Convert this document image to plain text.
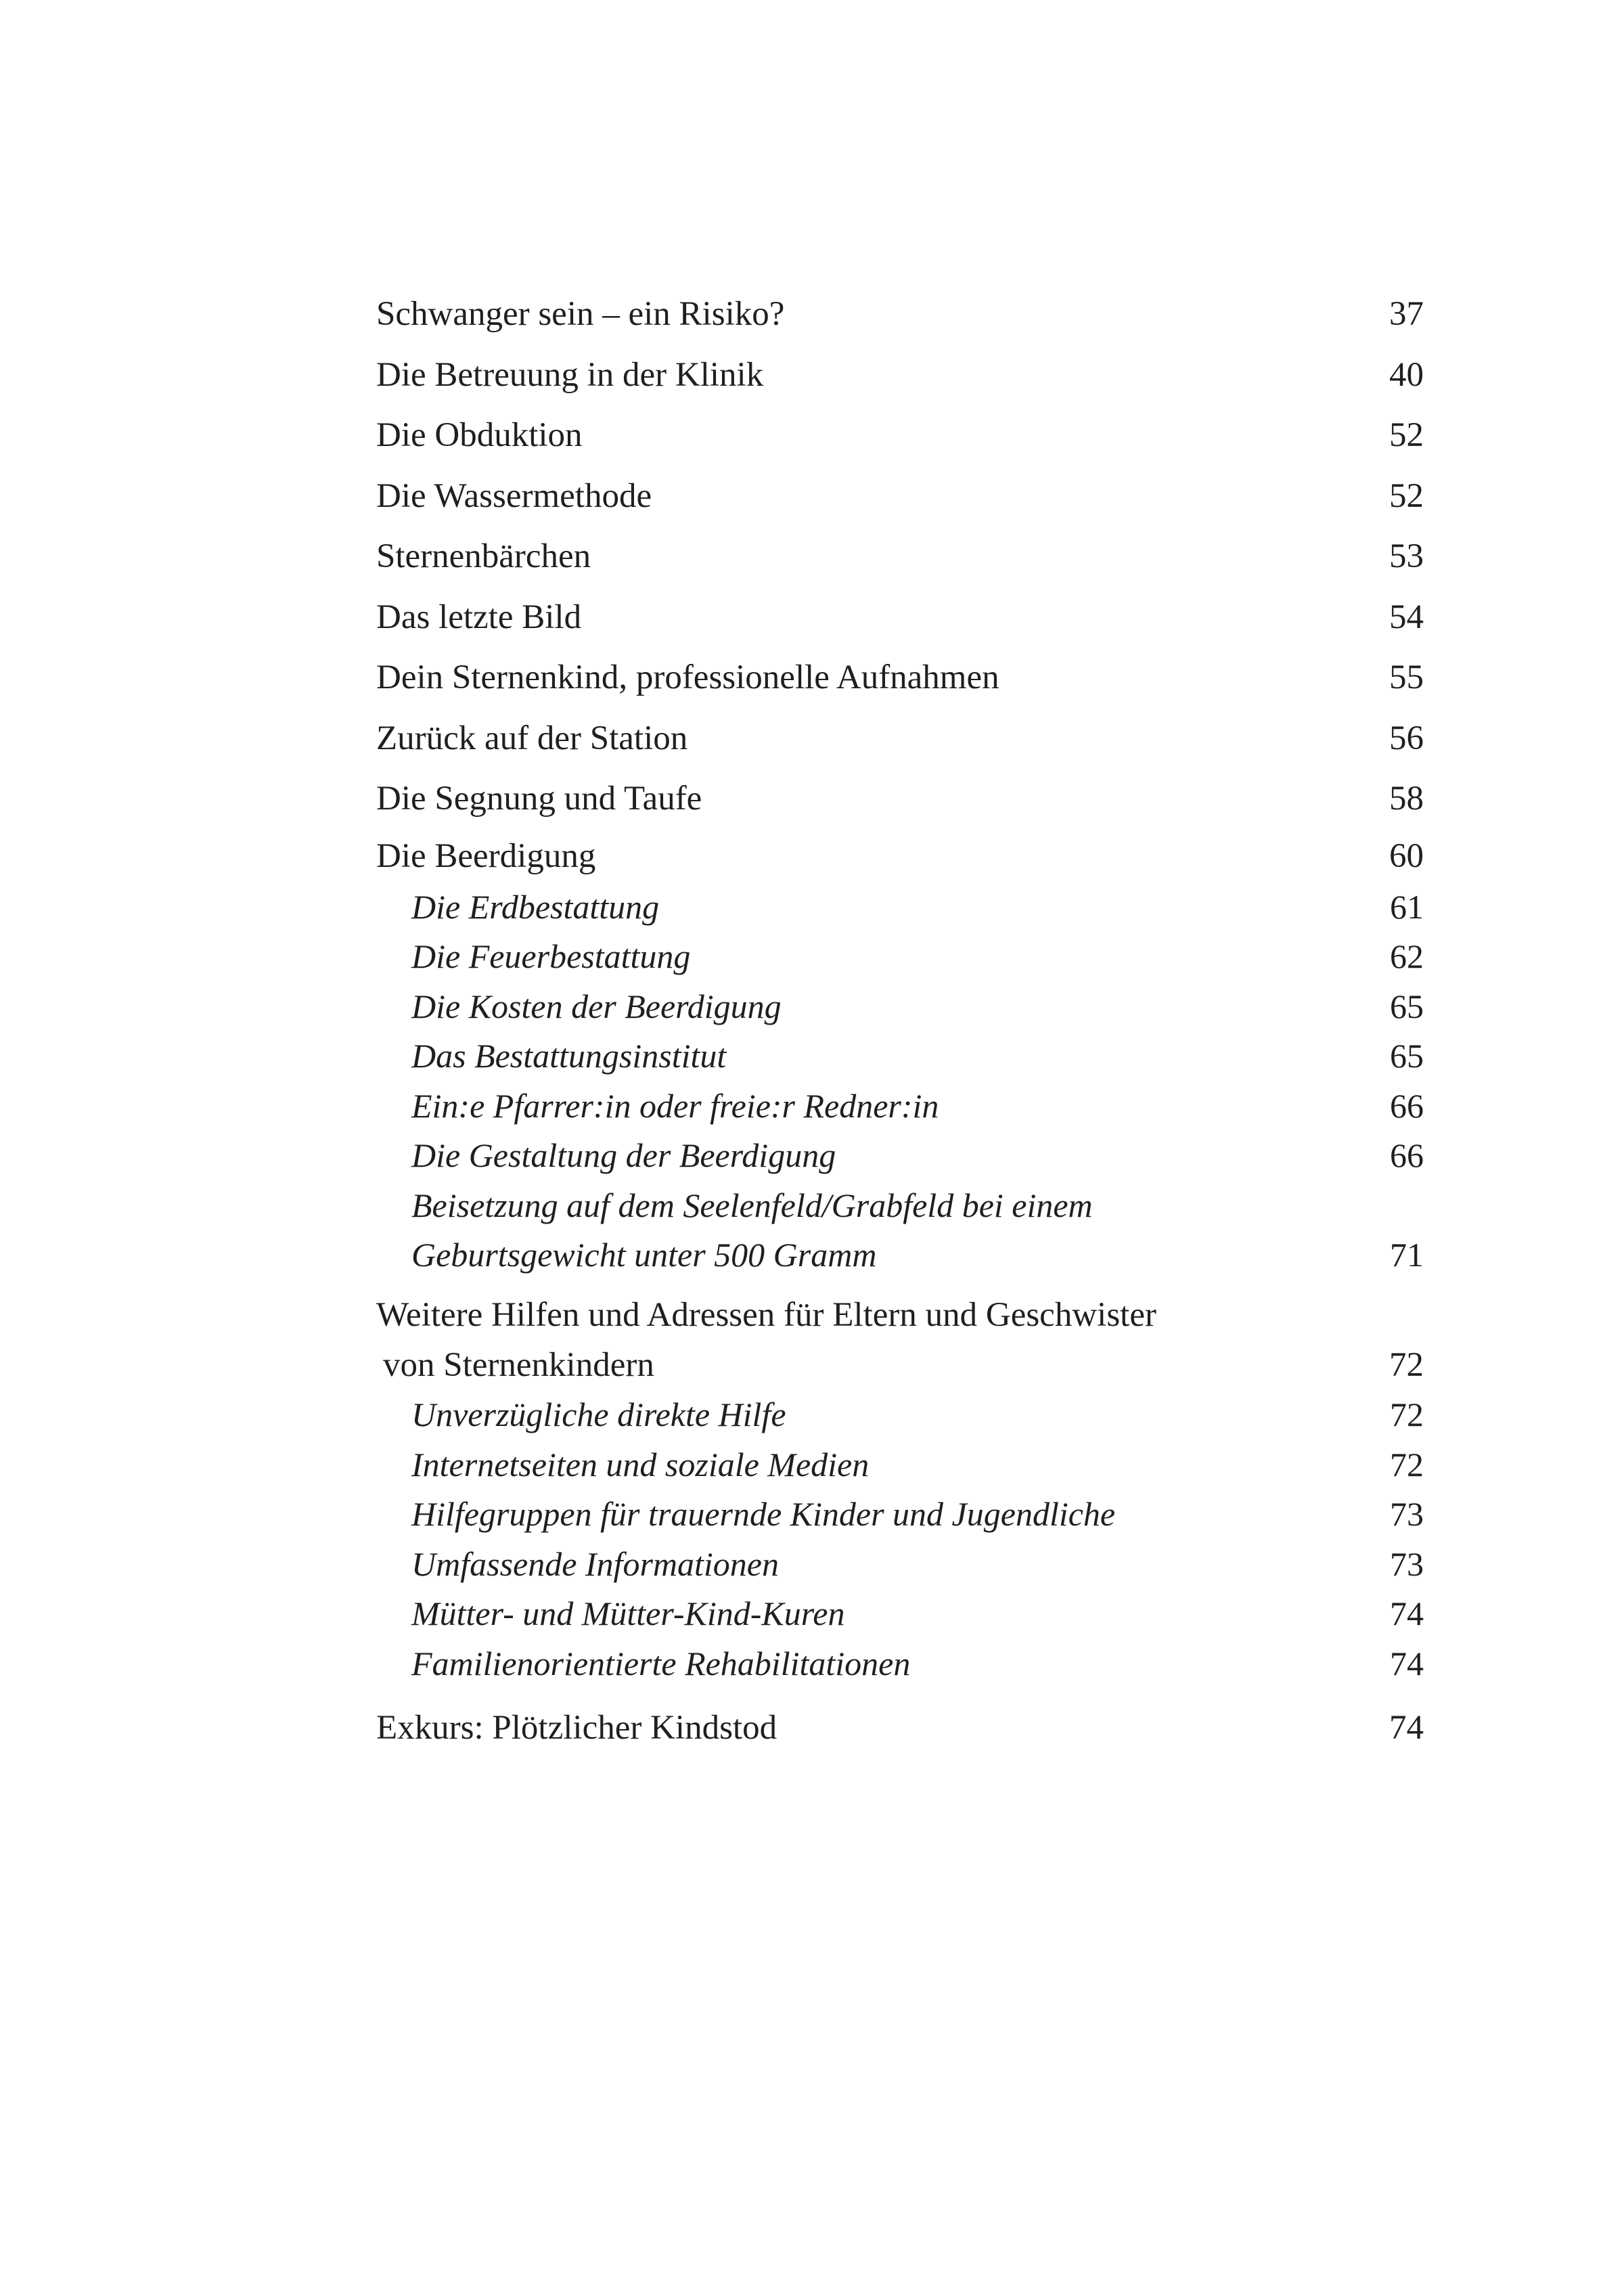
Schwanger sein – ein Risiko?	37
Die Betreuung in der Klinik	40
Die Obduktion	52
Die Wassermethode	52
Sternenbärchen	53
Das letzte Bild	54
Dein Sternenkind, professionelle Aufnahmen	55
Zurück auf der Station	56
Die Segnung und Taufe	58
Die Beerdigung	60
Die Erdbestattung	61
Die Feuerbestattung	62
Die Kosten der Beerdigung	65
Das Bestattungsinstitut	65
Ein:e Pfarrer:in oder freie:r Redner:in	66
Die Gestaltung der Beerdigung	66
Beisetzung auf dem Seelenfeld/Grabfeld bei einem
Geburtsgewicht unter 500 Gramm	71
Weitere Hilfen und Adressen für Eltern und Geschwister
von Sternenkindern	72
Unverzügliche direkte Hilfe	72
Internetseiten und soziale Medien	72
Hilfegruppen für trauernde Kinder und Jugendliche	73
Umfassende Informationen	73
Mütter- und Mütter-Kind-Kuren	74
Familienorientierte Rehabilitationen	74
Exkurs: Plötzlicher Kindstod	74
